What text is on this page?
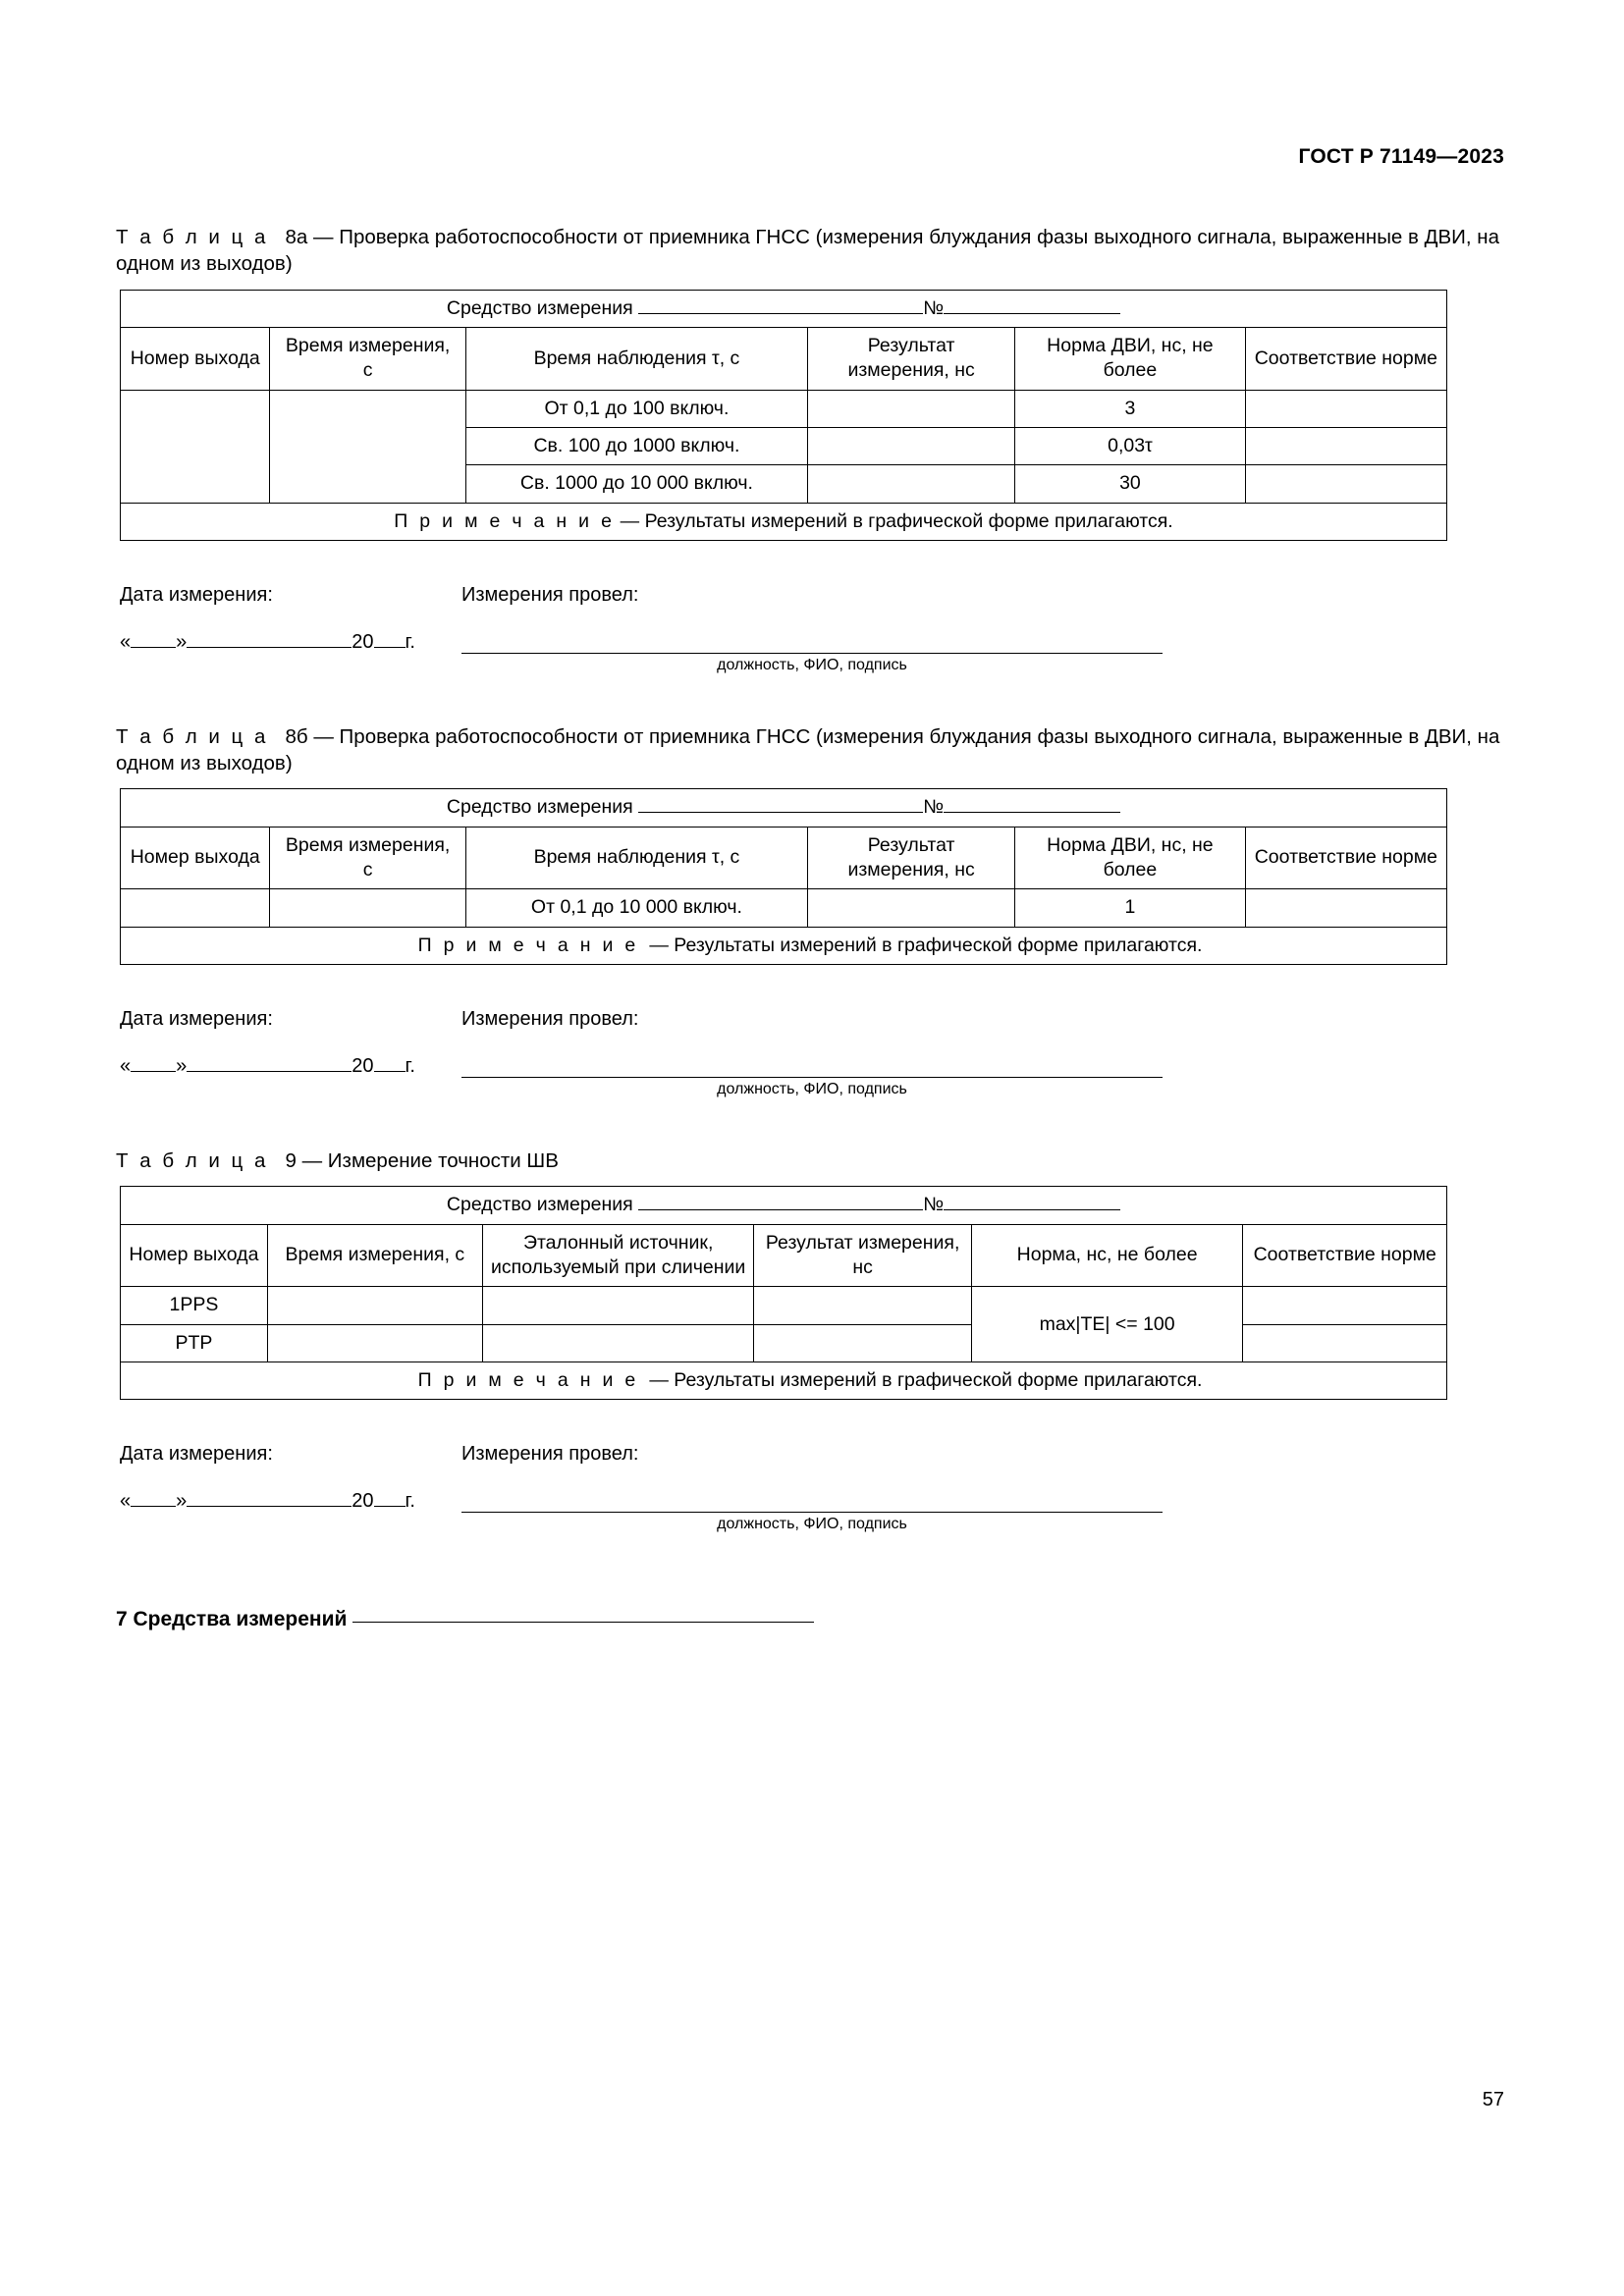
ГОСТ Р 71149—2023
Т а б л и ц а 8а — Проверка работоспособности от приемника ГНСС (измерения блуждания фазы выходного сигнала, выраженные в ДВИ, на одном из выходов)
Средство измерения №					
Номер выхода	Время измерения, с	Время наблюдения τ, с	Результат измерения, нс	Норма ДВИ, нс, не более	Соответствие норме
		От 0,1 до 100 включ.		3	
		Св. 100 до 1000 включ.		0,03τ	
		Св. 1000 до 10 000 включ.		30	
П р и м е ч а н и е — Результаты измерений в графической форме прилагаются.					
Дата измерения:	Измерения провел:
« »	20 г.
должность, ФИО, подпись
Т а б л и ц а 8б — Проверка работоспособности от приемника ГНСС (измерения блуждания фазы выходного сигнала, выраженные в ДВИ, на одном из выходов)
Средство измерения №					
Номер выхода	Время измерения, с	Время наблюдения τ, с	Результат измерения, нс	Норма ДВИ, нс, не более	Соответствие норме
		От 0,1 до 10 000 включ.		1	
П р и м е ч а н и е — Результаты измерений в графической форме прилагаются.					
Дата измерения:	Измерения провел:
« »	20 г.
должность, ФИО, подпись
Т а б л и ц а 9 — Измерение точности ШВ
Средство измерения №					
Номер выхода	Время измерения, с	Эталонный источник, используемый при сличении	Результат измерения, нс	Норма, нс, не более	Соответствие норме
1PPS				max|TE| <= 100	
PTP					
П р и м е ч а н и е — Результаты измерений в графической форме прилагаются.					
Дата измерения:	Измерения провел:
« »	20 г.
должность, ФИО, подпись
7 Средства измерений
57
